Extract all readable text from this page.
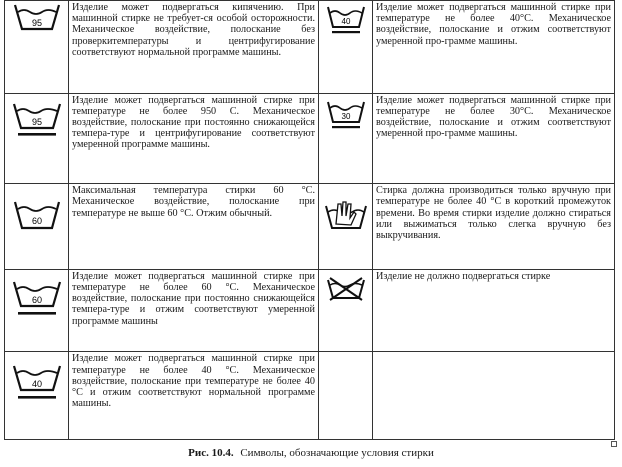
95	Изделие может подвергаться кипячению. При машинной стирке не требует-ся особой осторожности. Механическое воздействие, полоскание без проверкитемпературы и центрифугирование соответствуют нормальной программе машины.	40	Изделие может подвергаться машинной стирке при температуре не более 40°С. Механическое воздействие, полоскание и отжим соответствуют умеренной про-грамме машины.

95	Изделие может подвергаться машинной стирке при температуре не более 950 С. Механическое воздействие, полоскание при постоянно снижающейся темпера-туре и центрифугирование соответствуют умеренной программе машины.	30	Изделие может подвергаться машинной стирке при температуре не более 30°С. Механическое воздействие, полоскание и отжим соответствуют умеренной про-грамме машины.

60	Максимальная температура стирки 60 °С. Механическое воздействие, полоскание при температуре не выше 60 °С. Отжим обычный.		Стирка должна производиться только вручную при температуре не более 40 °С в короткий промежуток времени. Во время стирки изделие должно стираться или выжиматься только слегка вручную без выкручивания.

60	Изделие может подвергаться машинной стирке при температуре не более 60 °С. Механическое воздействие, полоскание при постоянно снижающейся темпера-туре и отжим соответствуют умеренной программе машины		Изделие не должно подвергаться стирке

40	Изделие может подвергаться машинной стирке при температуре не более 40 °С. Механическое воздействие, полоскание при температуре не более 40 °С и отжим соответствуют нормальной программе машины.		
Рис. 10.4. Символы, обозначающие условия стирки
